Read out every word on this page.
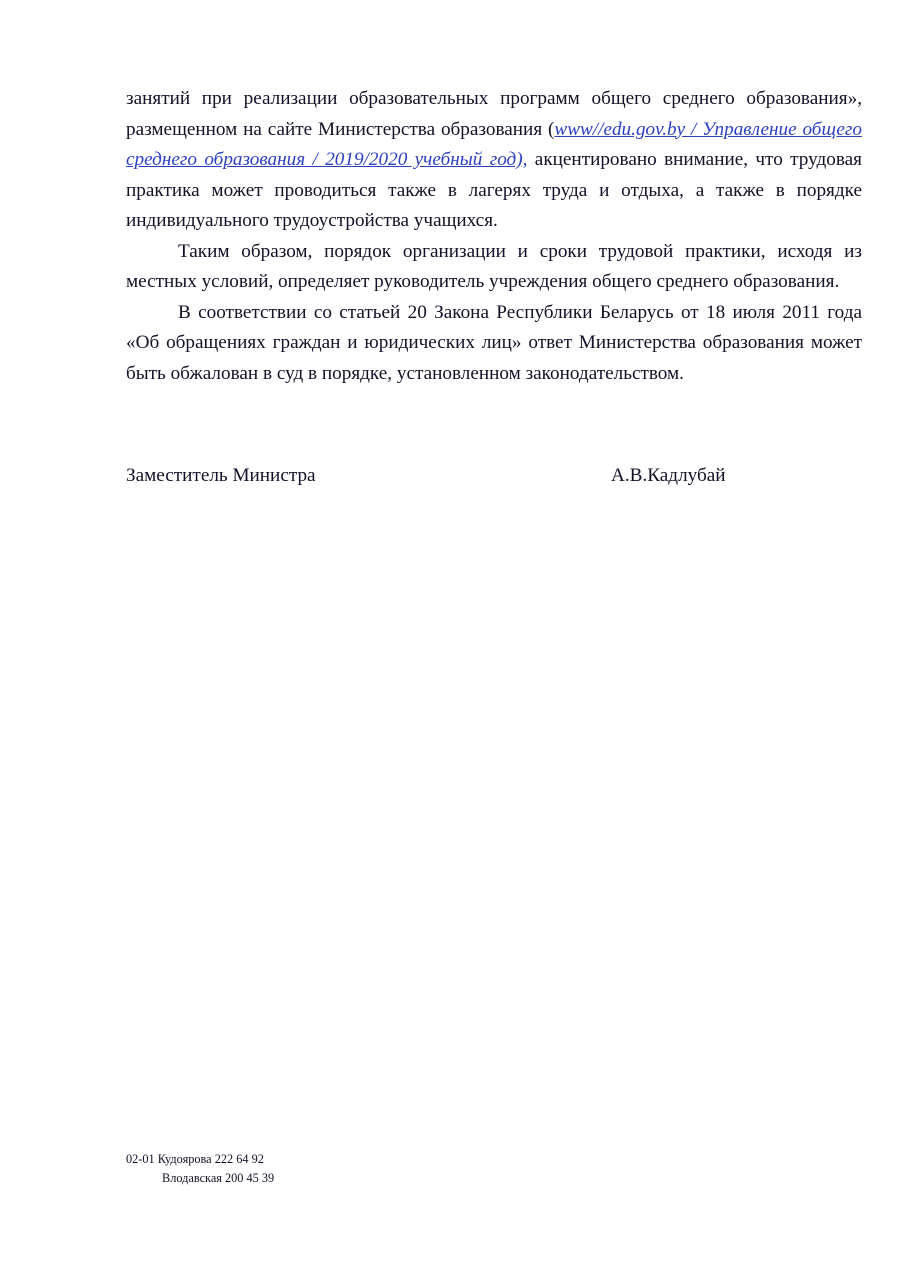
занятий при реализации образовательных программ общего среднего образования», размещенном на сайте Министерства образования (www//edu.gov.by / Управление общего среднего образования / 2019/2020 учебный год), акцентировано внимание, что трудовая практика может проводиться также в лагерях труда и отдыха, а также в порядке индивидуального трудоустройства учащихся.

Таким образом, порядок организации и сроки трудовой практики, исходя из местных условий, определяет руководитель учреждения общего среднего образования.

В соответствии со статьей 20 Закона Республики Беларусь от 18 июля 2011 года «Об обращениях граждан и юридических лиц» ответ Министерства образования может быть обжалован в суд в порядке, установленном законодательством.

Заместитель Министра	А.В.Кадлубай
02-01 Кудоярова 222 64 92
Влодавская 200 45 39
